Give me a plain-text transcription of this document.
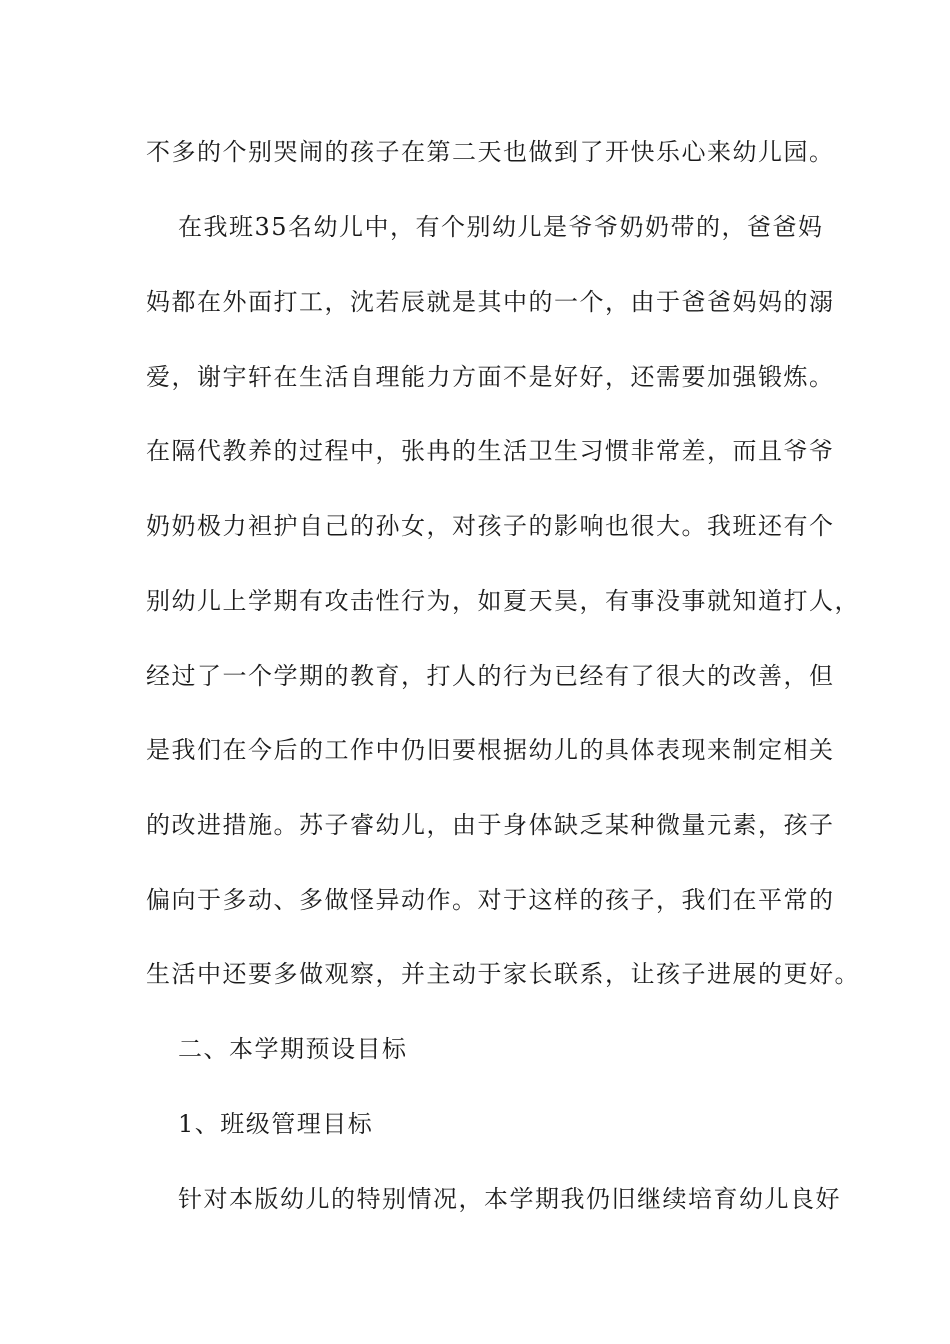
不多的个别哭闹的孩子在第二天也做到了开快乐心来幼儿园。
在我班35名幼儿中，有个别幼儿是爷爷奶奶带的，爸爸妈
妈都在外面打工，沈若辰就是其中的一个，由于爸爸妈妈的溺
爱，谢宇轩在生活自理能力方面不是好好，还需要加强锻炼。
在隔代教养的过程中，张冉的生活卫生习惯非常差，而且爷爷
奶奶极力袒护自己的孙女，对孩子的影响也很大。我班还有个
别幼儿上学期有攻击性行为，如夏天昊，有事没事就知道打人，
经过了一个学期的教育，打人的行为已经有了很大的改善，但
是我们在今后的工作中仍旧要根据幼儿的具体表现来制定相关
的改进措施。苏子睿幼儿，由于身体缺乏某种微量元素，孩子
偏向于多动、多做怪异动作。对于这样的孩子，我们在平常的
生活中还要多做观察，并主动于家长联系，让孩子进展的更好。
二、本学期预设目标
1、班级管理目标
针对本版幼儿的特别情况，本学期我仍旧继续培育幼儿良好
